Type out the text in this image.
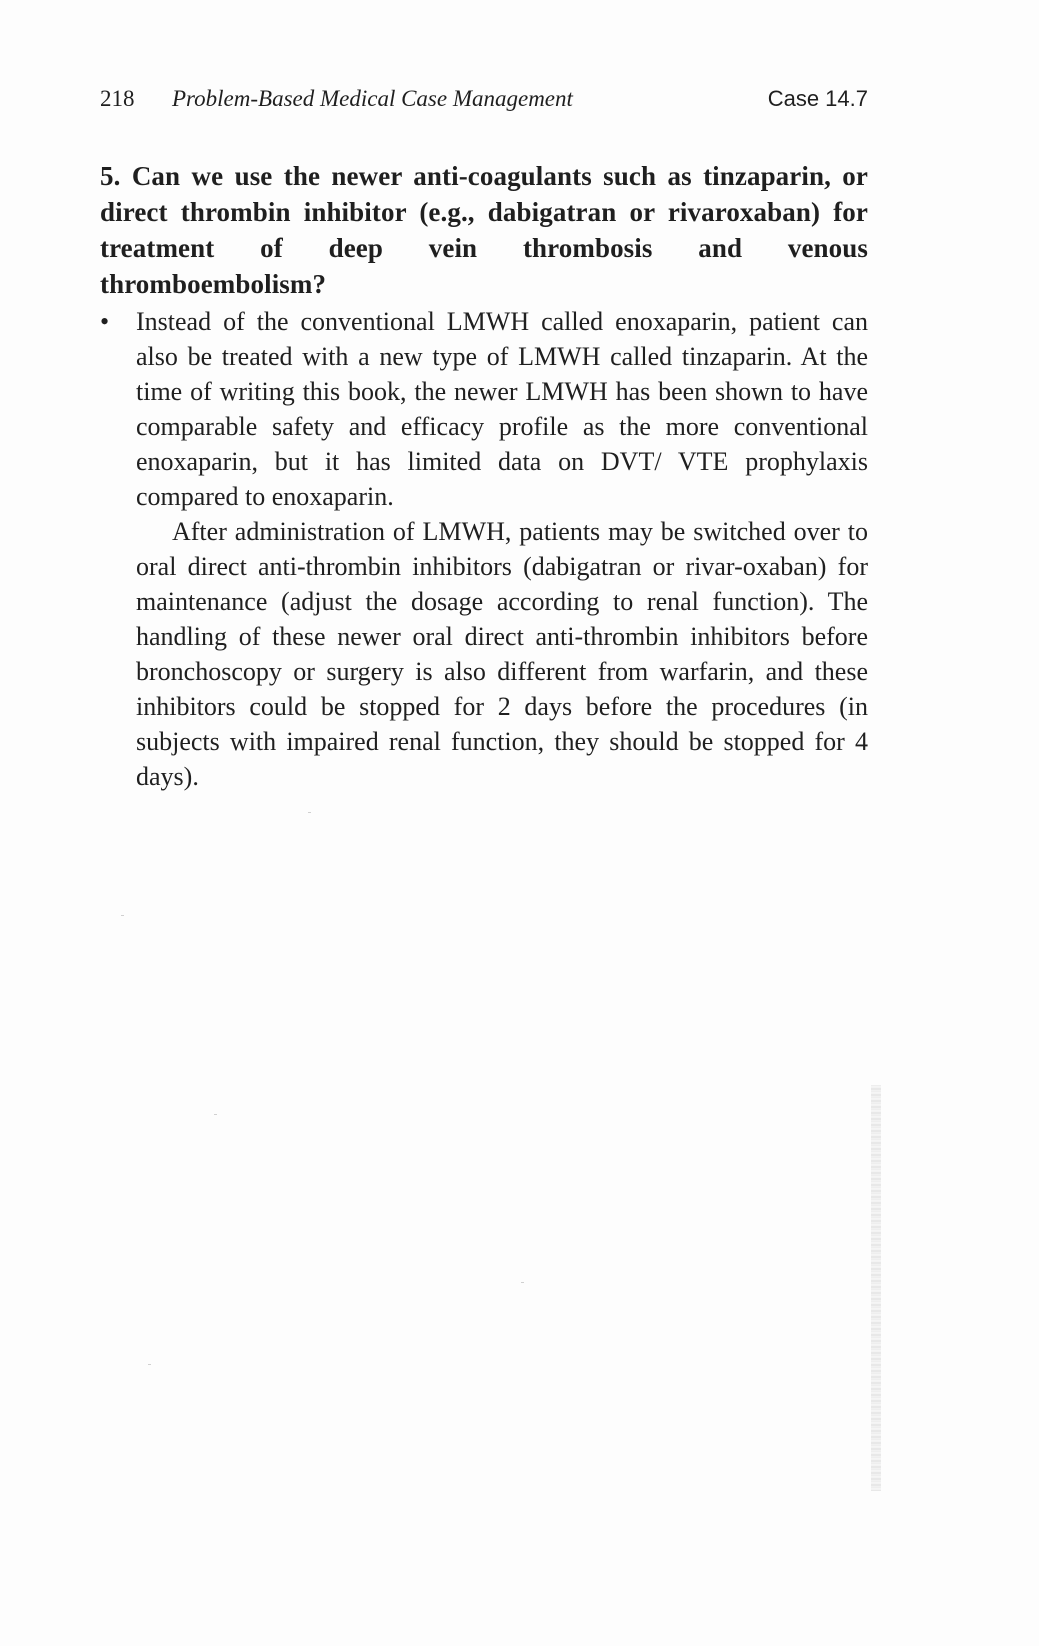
218 Problem-Based Medical Case Management	Case 14.7

5. Can we use the newer anti-coagulants such as tinzaparin, or direct thrombin inhibitor (e.g., dabigatran or rivaroxaban) for treatment of deep vein thrombosis and venous thromboembolism?

•	Instead of the conventional LMWH called enoxaparin, patient can also be treated with a new type of LMWH called tinzaparin. At the time of writing this book, the newer LMWH has been shown to have comparable safety and efficacy profile as the more conventional enoxaparin, but it has limited data on DVT/ VTE prophylaxis compared to enoxaparin.

After administration of LMWH, patients may be switched over to oral direct anti-thrombin inhibitors (dabigatran or rivar-oxaban) for maintenance (adjust the dosage according to renal function). The handling of these newer oral direct anti-thrombin inhibitors before bronchoscopy or surgery is also different from warfarin, and these inhibitors could be stopped for 2 days before the procedures (in subjects with impaired renal function, they should be stopped for 4 days).
